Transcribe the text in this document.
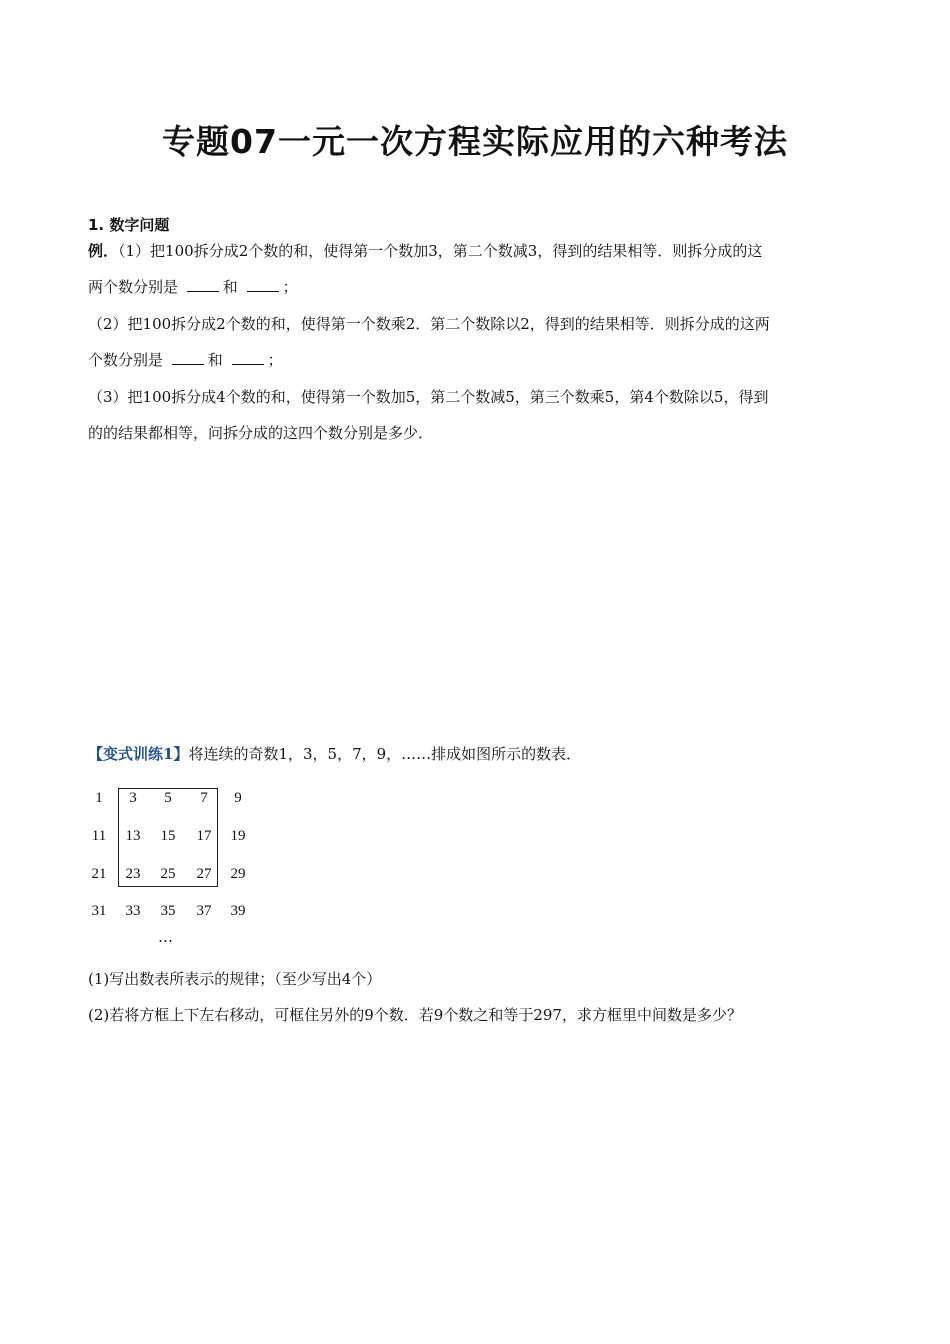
专题07一元一次方程实际应用的六种考法
1. 数字问题

例．（1）把100拆分成2个数的和，使得第一个数加3，第二个数减3，得到的结果相等．则拆分成的这
两个数分别是	和	；

（2）把100拆分成2个数的和，使得第一个数乘2．第二个数除以2，得到的结果相等．则拆分成的这两
个数分别是	和	；

（3）把100拆分成4个数的和，使得第一个数加5，第二个数减5，第三个数乘5，第4个数除以5，得到
的的结果都相等，问拆分成的这四个数分别是多少．

【变式训练1】将连续的奇数1，3，5，7，9，……排成如图所示的数表．
1	3	5	7	9
11	13	15	17	19
21	23	25	27	29
31	33	35	37	39
…

(1)写出数表所表示的规律；（至少写出4个）

(2)若将方框上下左右移动，可框住另外的9个数．若9个数之和等于297，求方框里中间数是多少？
